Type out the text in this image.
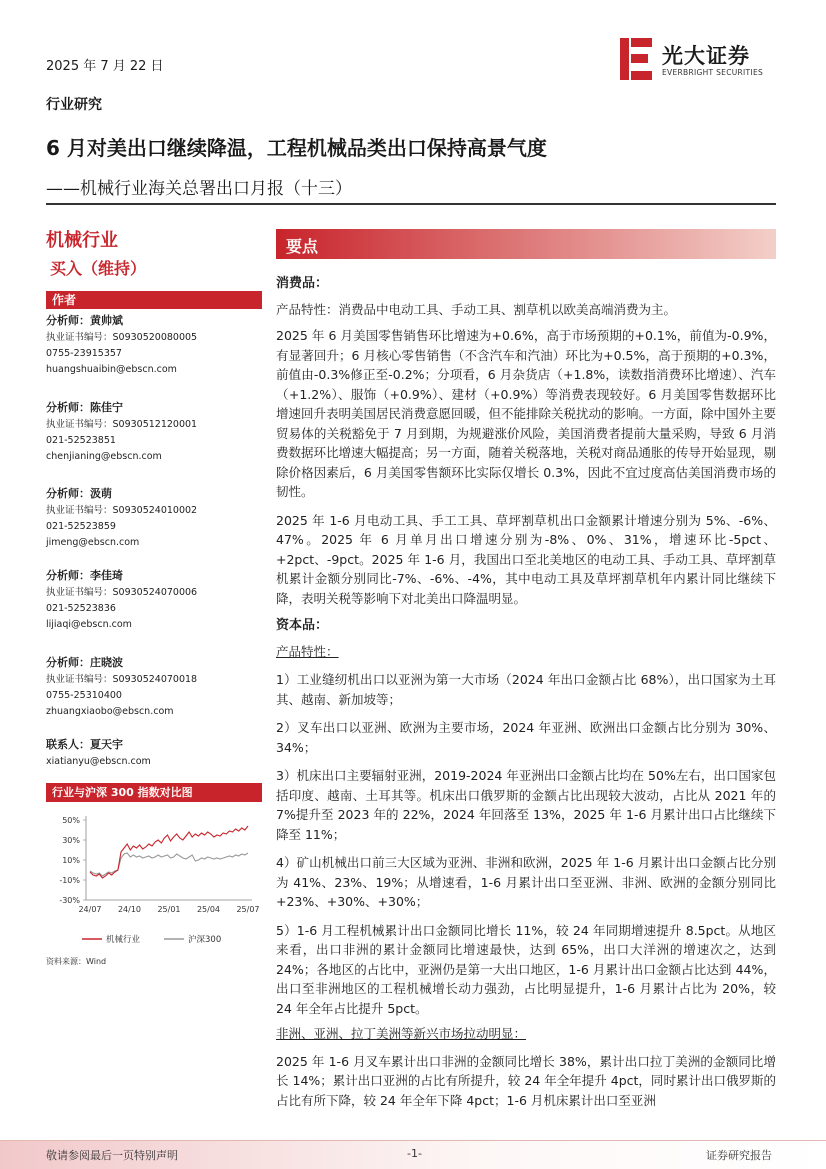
2025 年 7 月 22 日	光大证券
EVERBRIGHT SECURITIES
行业研究
6 月对美出口继续降温，工程机械品类出口保持高景气度
——机械行业海关总署出口月报（十三）
机械行业
买入（维持）
作者
分析师：黄帅斌
执业证书编号：S0930520080005
0755-23915357
huangshuaibin@ebscn.com
分析师：陈佳宁
执业证书编号：S0930512120001
021-52523851
chenjianing@ebscn.com
分析师：汲萌
执业证书编号：S0930524010002
021-52523859
jimeng@ebscn.com
分析师：李佳琦
执业证书编号：S0930524070006
021-52523836
lijiaqi@ebscn.com
分析师：庄晓波
执业证书编号：S0930524070018
0755-25310400
zhuangxiaobo@ebscn.com
联系人：夏天宇
xiatianyu@ebscn.com
行业与沪深 300 指数对比图
50%
30%
10%
-10%
-30%
24/07 24/10 25/01 25/04 25/07
机械行业	沪深300
资料来源：Wind
要点

消费品：

产品特性：消费品中电动工具、手动工具、割草机以欧美高端消费为主。

2025 年 6 月美国零售销售环比增速为+0.6%，高于市场预期的+0.1%，前值为-0.9%，有显著回升；6 月核心零售销售（不含汽车和汽油）环比为+0.5%，高于预期的+0.3%，前值由-0.3%修正至-0.2%；分项看，6 月杂货店（+1.8%，读数指消费环比增速）、汽车（+1.2%）、服饰（+0.9%）、建材（+0.9%）等消费表现较好。6 月美国零售数据环比增速回升表明美国居民消费意愿回暖，但不能排除关税扰动的影响。一方面，除中国外主要贸易体的关税豁免于 7 月到期，为规避涨价风险，美国消费者提前大量采购，导致 6 月消费数据环比增速大幅提高；另一方面，随着关税落地，关税对商品通胀的传导开始显现，剔除价格因素后，6 月美国零售额环比实际仅增长 0.3%，因此不宜过度高估美国消费市场的韧性。

2025 年 1-6 月电动工具、手工工具、草坪割草机出口金额累计增速分别为 5%、-6%、47%。2025 年 6 月单月出口增速分别为-8%、0%、31%，增速环比-5pct、+2pct、-9pct。2025 年 1-6 月，我国出口至北美地区的电动工具、手动工具、草坪割草机累计金额分别同比-7%、-6%、-4%，其中电动工具及草坪割草机年内累计同比继续下降，表明关税等影响下对北美出口降温明显。

资本品：

产品特性：

1）工业缝纫机出口以亚洲为第一大市场（2024 年出口金额占比 68%），出口国家为土耳其、越南、新加坡等；

2）叉车出口以亚洲、欧洲为主要市场，2024 年亚洲、欧洲出口金额占比分别为 30%、34%；

3）机床出口主要辐射亚洲，2019-2024 年亚洲出口金额占比均在 50%左右，出口国家包括印度、越南、土耳其等。机床出口俄罗斯的金额占比出现较大波动，占比从 2021 年的 7%提升至 2023 年的 22%，2024 年回落至 13%，2025 年 1-6 月累计出口占比继续下降至 11%；

4）矿山机械出口前三大区域为亚洲、非洲和欧洲，2025 年 1-6 月累计出口金额占比分别为 41%、23%、19%；从增速看，1-6 月累计出口至亚洲、非洲、欧洲的金额分别同比+23%、+30%、+30%；

5）1-6 月工程机械累计出口金额同比增长 11%，较 24 年同期增速提升 8.5pct。从地区来看，出口非洲的累计金额同比增速最快，达到 65%，出口大洋洲的增速次之，达到 24%；各地区的占比中，亚洲仍是第一大出口地区，1-6 月累计出口金额占比达到 44%，出口至非洲地区的工程机械增长动力强劲，占比明显提升，1-6 月累计占比为 20%，较 24 年全年占比提升 5pct。

非洲、亚洲、拉丁美洲等新兴市场拉动明显：

2025 年 1-6 月叉车累计出口非洲的金额同比增长 38%，累计出口拉丁美洲的金额同比增长 14%；累计出口亚洲的占比有所提升，较 24 年全年提升 4pct，同时累计出口俄罗斯的占比有所下降，较 24 年全年下降 4pct；1-6 月机床累计出口至亚洲

敬请参阅最后一页特别声明	-1-	证券研究报告
